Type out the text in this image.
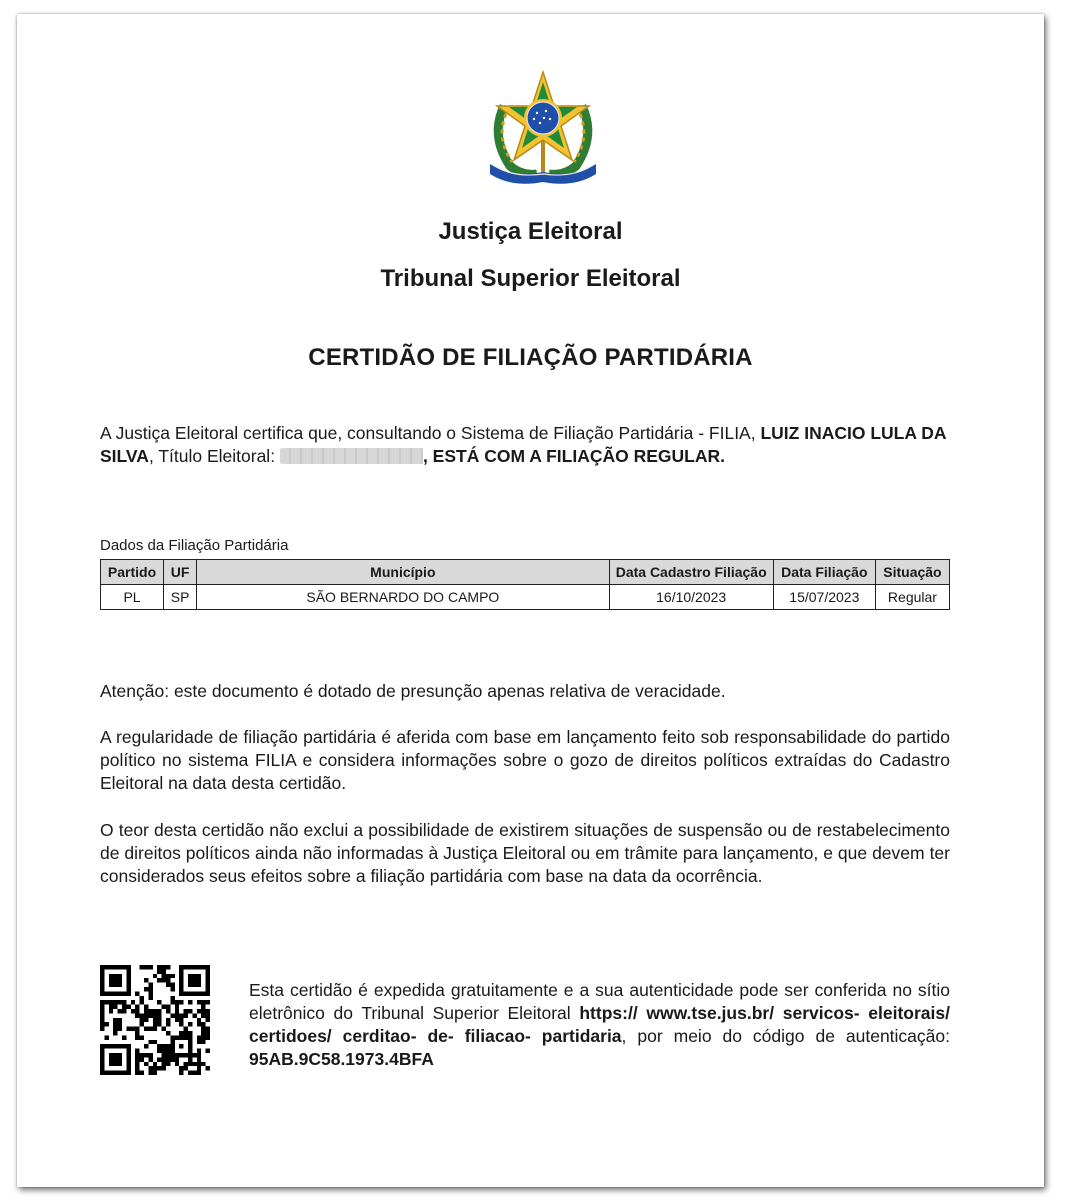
Justiça Eleitoral
Tribunal Superior Eleitoral
CERTIDÃO DE FILIAÇÃO PARTIDÁRIA
A Justiça Eleitoral certifica que, consultando o Sistema de Filiação Partidária - FILIA, LUIZ INACIO LULA DA SILVA, Título Eleitoral:	, ESTÁ COM A FILIAÇÃO REGULAR.
Dados da Filiação Partidária
Partido	UF	Município	Data Cadastro Filiação	Data Filiação	Situação
PL	SP	SÃO BERNARDO DO CAMPO	16/10/2023	15/07/2023	Regular
Atenção: este documento é dotado de presunção apenas relativa de veracidade.
A regularidade de filiação partidária é aferida com base em lançamento feito sob responsabilidade do partido político no sistema FILIA e considera informações sobre o gozo de direitos políticos extraídas do Cadastro Eleitoral na data desta certidão.
O teor desta certidão não exclui a possibilidade de existirem situações de suspensão ou de restabelecimento de direitos políticos ainda não informadas à Justiça Eleitoral ou em trâmite para lançamento, e que devem ter considerados seus efeitos sobre a filiação partidária com base na data da ocorrência.
Esta certidão é expedida gratuitamente e a sua autenticidade pode ser conferida no sítio eletrônico do Tribunal Superior Eleitoral https:// www.tse.jus.br/ servicos- eleitorais/ certidoes/ cerditao- de- filiacao- partidaria, por meio do código de autenticação: 95AB.9C58.1973.4BFA
